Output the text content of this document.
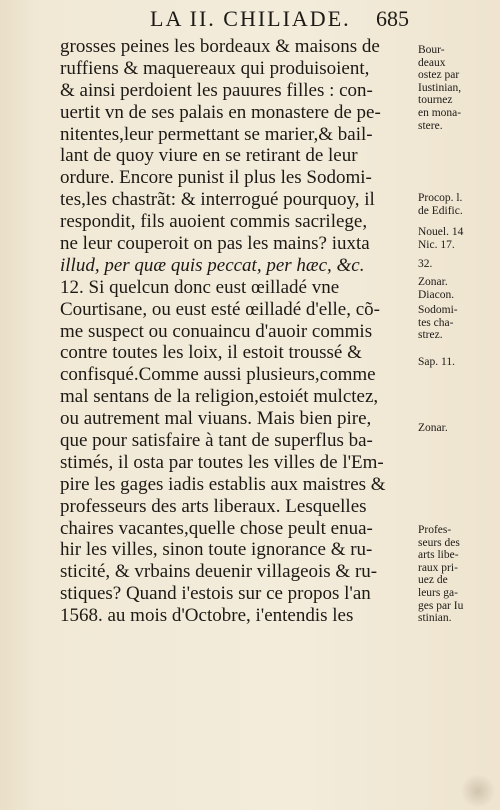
LA II. CHILIADE. 685
grosses peines les bordeaux & maisons de
ruffiens & maquereaux qui produisoient,
& ainsi perdoient les pauures filles : con-
uertit vn de ses palais en monastere de pe-
nitentes,leur permettant se marier,& bail-
lant de quoy viure en se retirant de leur
ordure. Encore punist il plus les Sodomi-
tes,les chastrãt: & interrogué pourquoy, il
respondit, fils auoient commis sacrilege,
ne leur couperoit on pas les mains? iuxta
illud, per quæ quis peccat, per hæc, &c.
12. Si quelcun donc eust œilladé vne
Courtisane, ou eust esté œilladé d'elle, cõ-
me suspect ou conuaincu d'auoir commis
contre toutes les loix, il estoit troussé &
confisqué.Comme aussi plusieurs,comme
mal sentans de la religion,estoiét mulctez,
ou autrement mal viuans. Mais bien pire,
que pour satisfaire à tant de superflus ba-
stimés, il osta par toutes les villes de l'Em-
pire les gages iadis establis aux maistres &
professeurs des arts liberaux. Lesquelles
chaires vacantes,quelle chose peult enua-
hir les villes, sinon toute ignorance & ru-
sticité, & vrbains deuenir villageois & ru-
stiques? Quand i'estois sur ce propos l'an
1568. au mois d'Octobre, i'entendis les
Bour-
deaux
ostez par
Iustinian,
tournez
en mona-
stere.
Procop. l.
de Edific.
Nouel. 14
Nic. 17.
32.
Zonar.
Diacon.
Sodomi-
tes cha-
strez.
Sap. 11.
Zonar.
Profes-
seurs des
arts libe-
raux pri-
uez de
leurs ga-
ges par Iu
stinian.
